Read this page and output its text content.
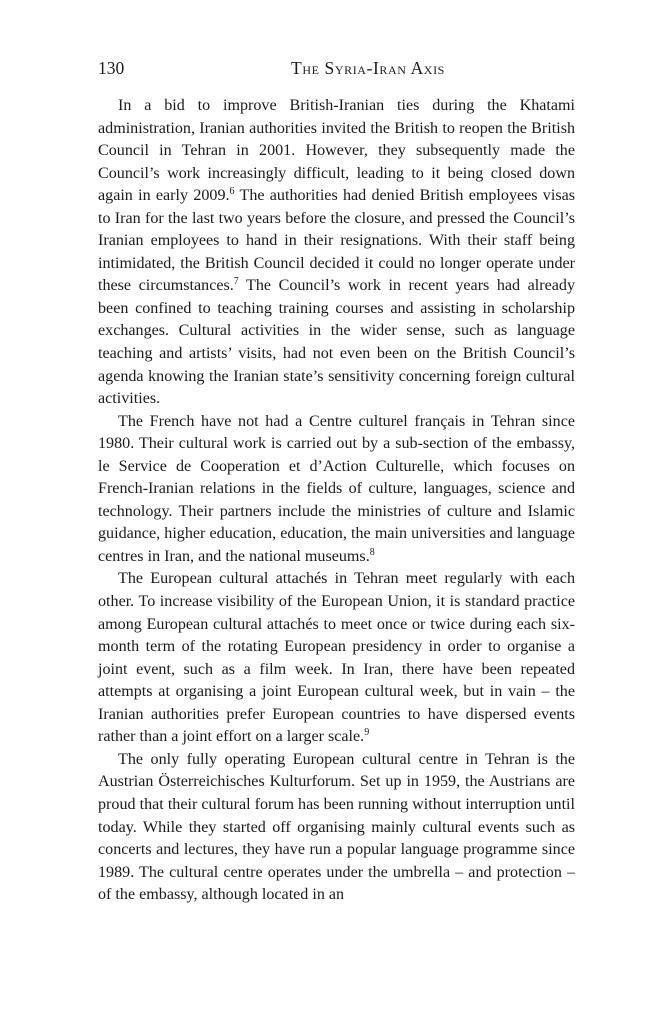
130	The Syria-Iran Axis

In a bid to improve British-Iranian ties during the Khatami administration, Iranian authorities invited the British to reopen the British Council in Tehran in 2001. However, they subsequently made the Council’s work increasingly difficult, leading to it being closed down again in early 2009.$^6$ The authorities had denied British employees visas to Iran for the last two years before the closure, and pressed the Council’s Iranian employees to hand in their resignations. With their staff being intimidated, the British Council decided it could no longer operate under these circumstances.$^7$ The Council’s work in recent years had already been confined to teaching training courses and assisting in scholarship exchanges. Cultural activities in the wider sense, such as language teaching and artists’ visits, had not even been on the British Council’s agenda knowing the Iranian state’s sensitivity concerning foreign cultural activities.

The French have not had a Centre culturel français in Tehran since 1980. Their cultural work is carried out by a sub-section of the embassy, le Service de Cooperation et d’Action Culturelle, which focuses on French-Iranian relations in the fields of culture, languages, science and technology. Their partners include the ministries of culture and Islamic guidance, higher education, education, the main universities and language centres in Iran, and the national museums.$^8$

The European cultural attachés in Tehran meet regularly with each other. To increase visibility of the European Union, it is standard practice among European cultural attachés to meet once or twice during each six-month term of the rotating European presidency in order to organise a joint event, such as a film week. In Iran, there have been repeated attempts at organising a joint European cultural week, but in vain – the Iranian authorities prefer European countries to have dispersed events rather than a joint effort on a larger scale.$^9$

The only fully operating European cultural centre in Tehran is the Austrian Österreichisches Kulturforum. Set up in 1959, the Austrians are proud that their cultural forum has been running without interruption until today. While they started off organising mainly cultural events such as concerts and lectures, they have run a popular language programme since 1989. The cultural centre operates under the umbrella – and protection – of the embassy, although located in an
